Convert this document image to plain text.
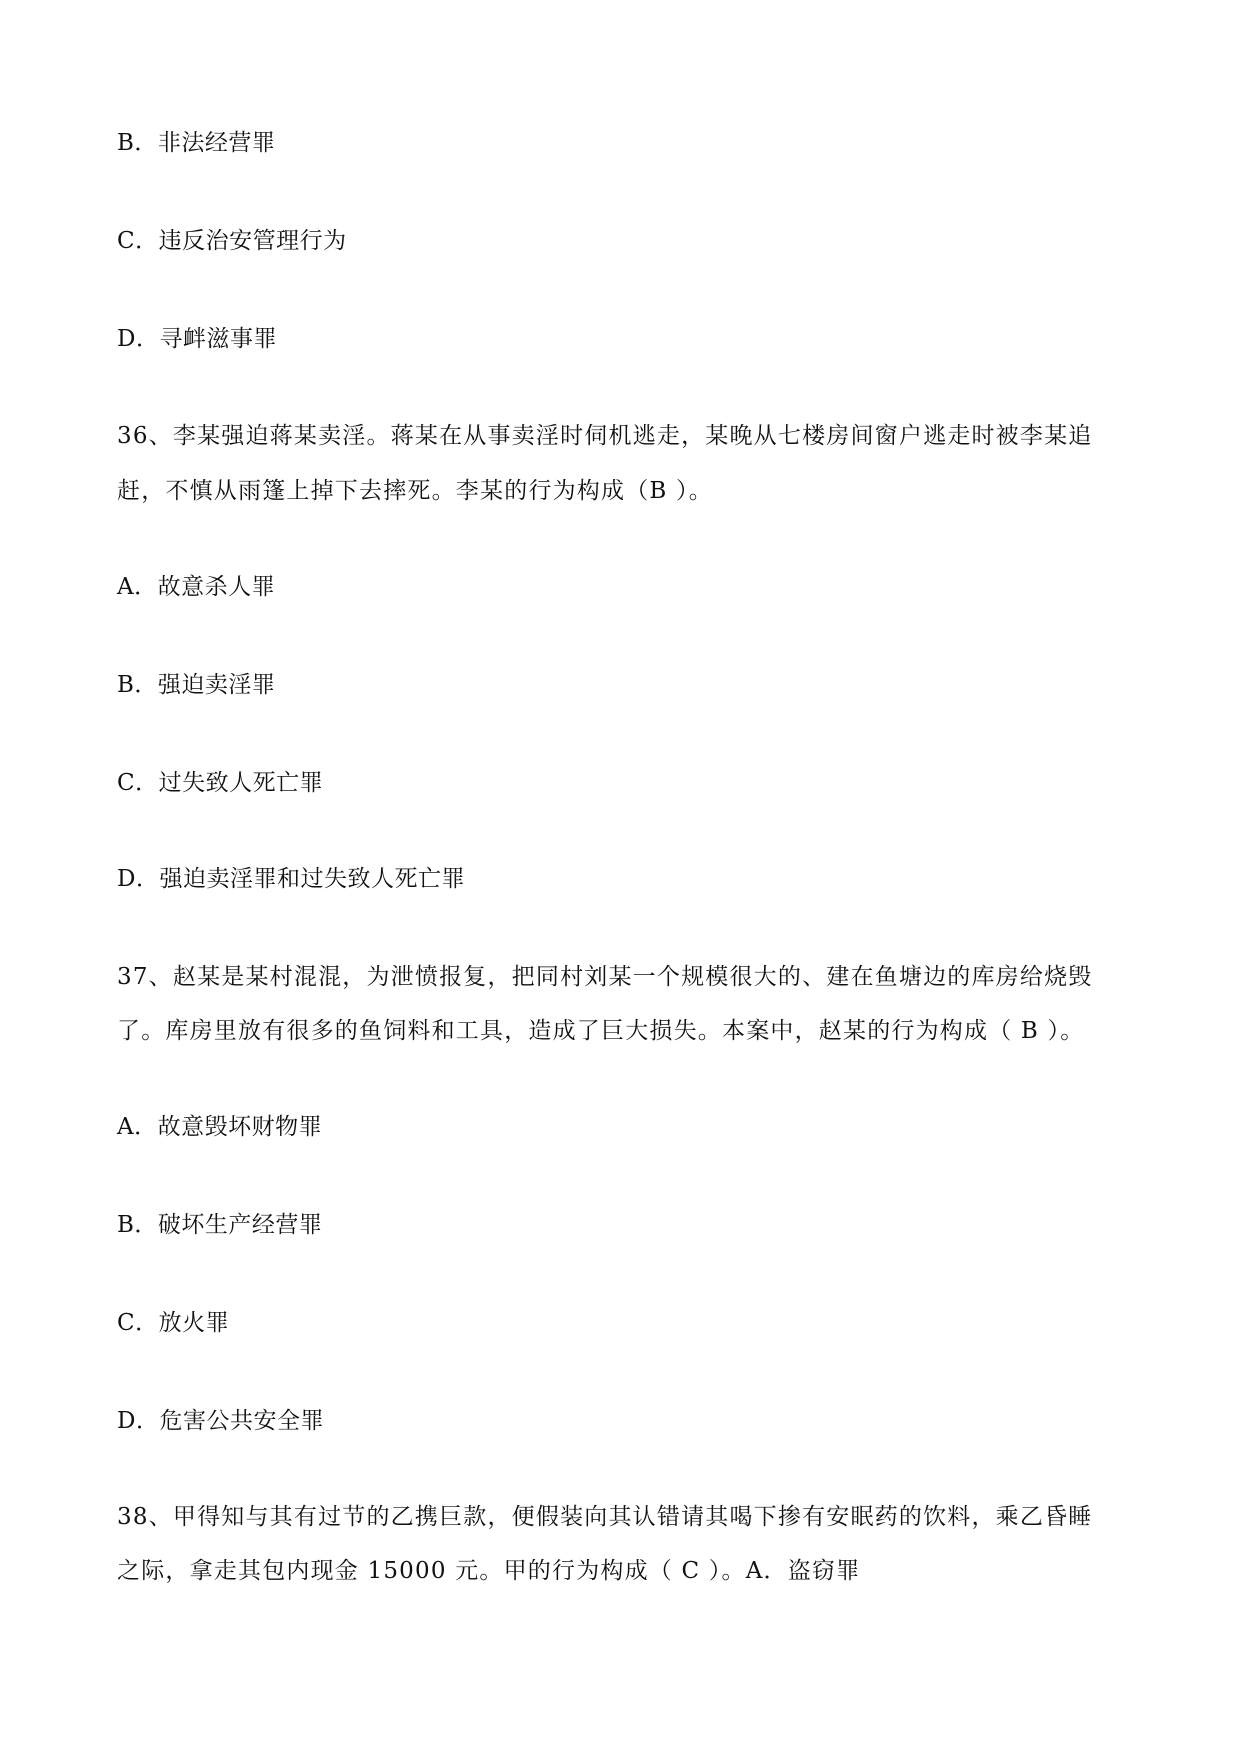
B．非法经营罪
C．违反治安管理行为
D．寻衅滋事罪
36、李某强迫蒋某卖淫。蒋某在从事卖淫时伺机逃走，某晚从七楼房间窗户逃走时被李某追
赶，不慎从雨篷上掉下去摔死。李某的行为构成（B ）。
A．故意杀人罪
B．强迫卖淫罪
C．过失致人死亡罪
D．强迫卖淫罪和过失致人死亡罪
37、赵某是某村混混，为泄愤报复，把同村刘某一个规模很大的、建在鱼塘边的库房给烧毁
了。库房里放有很多的鱼饲料和工具，造成了巨大损失。本案中，赵某的行为构成（ B ）。
A．故意毁坏财物罪
B．破坏生产经营罪
C．放火罪
D．危害公共安全罪
38、甲得知与其有过节的乙携巨款，便假装向其认错请其喝下掺有安眠药的饮料，乘乙昏睡
之际，拿走其包内现金 15000 元。甲的行为构成（ C ）。A．盗窃罪
